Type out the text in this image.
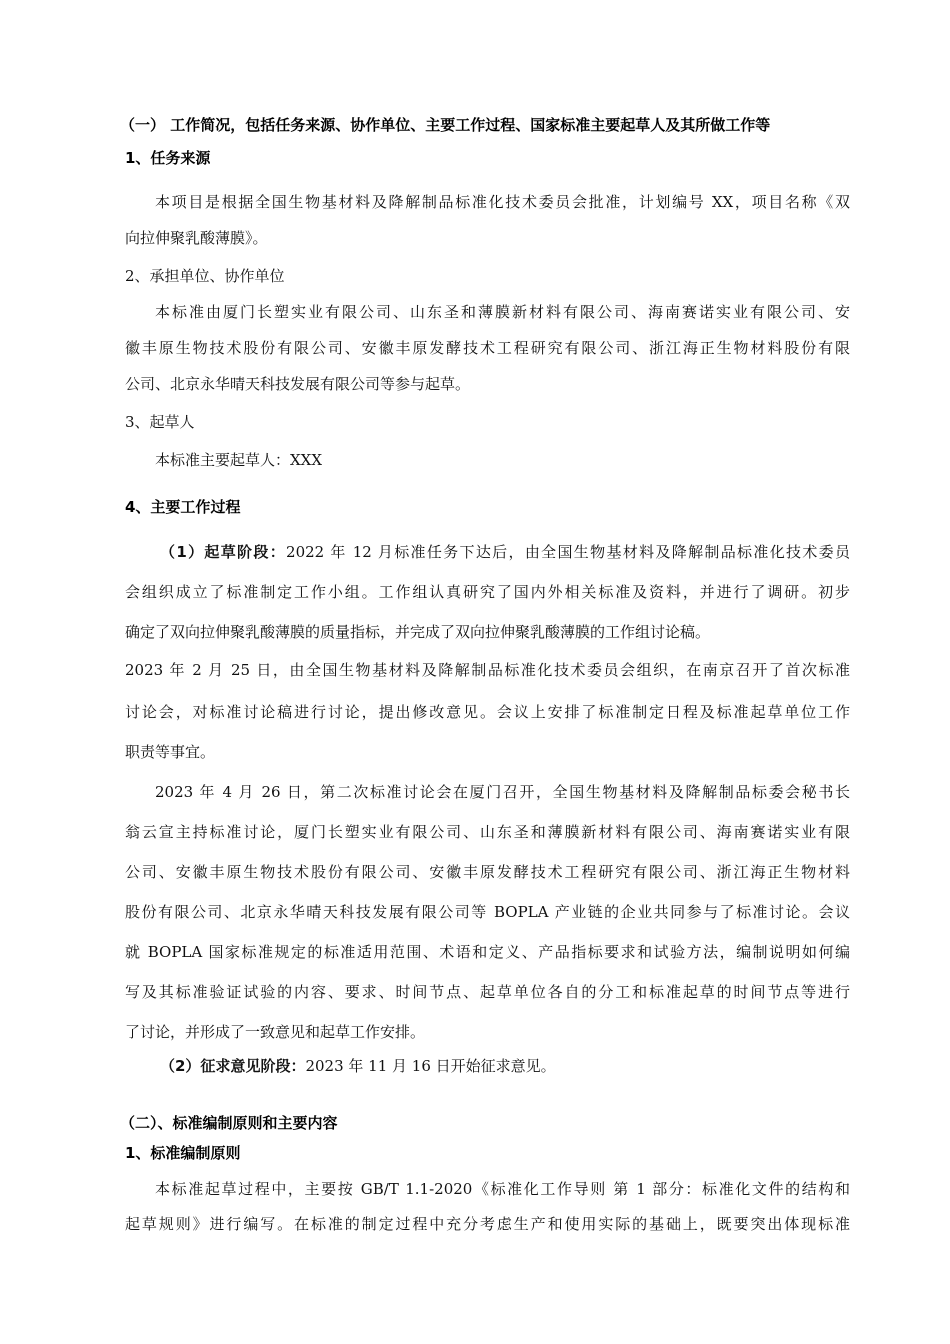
（一） 工作简况，包括任务来源、协作单位、主要工作过程、国家标准主要起草人及其所做工作等
1、任务来源
本项目是根据全国生物基材料及降解制品标准化技术委员会批准，计划编号 XX，项目名称《双
向拉伸聚乳酸薄膜》。
2、承担单位、协作单位
本标准由厦门长塑实业有限公司、山东圣和薄膜新材料有限公司、海南赛诺实业有限公司、安
徽丰原生物技术股份有限公司、安徽丰原发酵技术工程研究有限公司、浙江海正生物材料股份有限
公司、北京永华晴天科技发展有限公司等参与起草。
3、起草人
本标准主要起草人：XXX
4、主要工作过程
（1）起草阶段：2022 年 12 月标准任务下达后，由全国生物基材料及降解制品标准化技术委员
会组织成立了标准制定工作小组。工作组认真研究了国内外相关标准及资料，并进行了调研。初步
确定了双向拉伸聚乳酸薄膜的质量指标，并完成了双向拉伸聚乳酸薄膜的工作组讨论稿。
2023 年 2 月 25 日，由全国生物基材料及降解制品标准化技术委员会组织，在南京召开了首次标准
讨论会，对标准讨论稿进行讨论，提出修改意见。会议上安排了标准制定日程及标准起草单位工作
职责等事宜。
2023 年 4 月 26 日，第二次标准讨论会在厦门召开，全国生物基材料及降解制品标委会秘书长
翁云宣主持标准讨论，厦门长塑实业有限公司、山东圣和薄膜新材料有限公司、海南赛诺实业有限
公司、安徽丰原生物技术股份有限公司、安徽丰原发酵技术工程研究有限公司、浙江海正生物材料
股份有限公司、北京永华晴天科技发展有限公司等 BOPLA 产业链的企业共同参与了标准讨论。会议
就 BOPLA 国家标准规定的标准适用范围、术语和定义、产品指标要求和试验方法，编制说明如何编
写及其标准验证试验的内容、要求、时间节点、起草单位各自的分工和标准起草的时间节点等进行
了讨论，并形成了一致意见和起草工作安排。
（2）征求意见阶段：2023 年 11 月 16 日开始征求意见。
（二）、标准编制原则和主要内容
1、标准编制原则
本标准起草过程中，主要按 GB/T 1.1-2020《标准化工作导则 第 1 部分：标准化文件的结构和
起草规则》进行编写。在标准的制定过程中充分考虑生产和使用实际的基础上，既要突出体现标准
